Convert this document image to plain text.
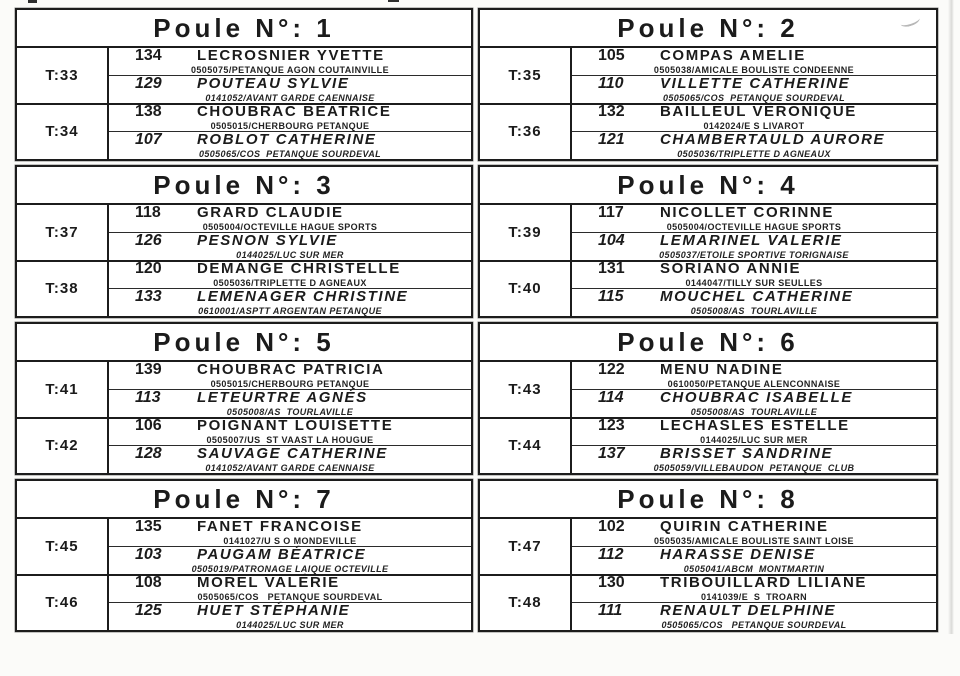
Poule N°: 1
T:33
134	LECROSNIER YVETTE
0505075/PETANQUE AGON COUTAINVILLE
129	POUTEAU SYLVIE
0141052/AVANT GARDE CAENNAISE
T:34
138	CHOUBRAC BÉATRICE
0505015/CHERBOURG PETANQUE
107	ROBLOT CATHERINE
0505065/COS  PETANQUE SOURDEVAL
Poule N°: 2
T:35
105	COMPAS AMELIE
0505038/AMICALE BOULISTE CONDEENNE
110	VILLETTE CATHERINE
0505065/COS  PETANQUE SOURDEVAL
T:36
132	BAILLEUL VÉRONIQUE
0142024/E S LIVAROT
121	CHAMBERTAULD AURORE
0505036/TRIPLETTE D AGNEAUX
Poule N°: 3
T:37
118	GRARD CLAUDIE
0505004/OCTEVILLE HAGUE SPORTS
126	PESNON SYLVIE
0144025/LUC SUR MER
T:38
120	DEMANGE CHRISTELLE
0505036/TRIPLETTE D AGNEAUX
133	LEMENAGER CHRISTINE
0610001/ASPTT ARGENTAN PETANQUE
Poule N°: 4
T:39
117	NICOLLET CORINNE
0505004/OCTEVILLE HAGUE SPORTS
104	LEMARINEL VALERIE
0505037/ETOILE SPORTIVE TORIGNAISE
T:40
131	SORIANO ANNIE
0144047/TILLY SUR SEULLES
115	MOUCHEL CATHERINE
0505008/AS  TOURLAVILLE
Poule N°: 5
T:41
139	CHOUBRAC PATRICIA
0505015/CHERBOURG PETANQUE
113	LETEURTRE AGNÉS
0505008/AS  TOURLAVILLE
T:42
106	POIGNANT LOUISETTE
0505007/US  ST VAAST LA HOUGUE
128	SAUVAGE CATHERINE
0141052/AVANT GARDE CAENNAISE
Poule N°: 6
T:43
122	MENU NADINE
0610050/PETANQUE ALENCONNAISE
114	CHOUBRAC ISABELLE
0505008/AS  TOURLAVILLE
T:44
123	LECHASLES ESTELLE
0144025/LUC SUR MER
137	BRISSET SANDRINE
0505059/VILLEBAUDON  PETANQUE  CLUB
Poule N°: 7
T:45
135	FANET FRANCOISE
0141027/U S O MONDEVILLE
103	PAUGAM BÉATRICE
0505019/PATRONAGE LAIQUE OCTEVILLE
T:46
108	MOREL VALÉRIE
0505065/COS   PETANQUE SOURDEVAL
125	HUET STÉPHANIE
0144025/LUC SUR MER
Poule N°: 8
T:47
102	QUIRIN CATHERINE
0505035/AMICALE BOULISTE SAINT LOISE
112	HARASSE DENISE
0505041/ABCM  MONTMARTIN
T:48
130	TRIBOUILLARD LILIANE
0141039/E  S  TROARN
111	RENAULT DELPHINE
0505065/COS   PETANQUE SOURDEVAL
